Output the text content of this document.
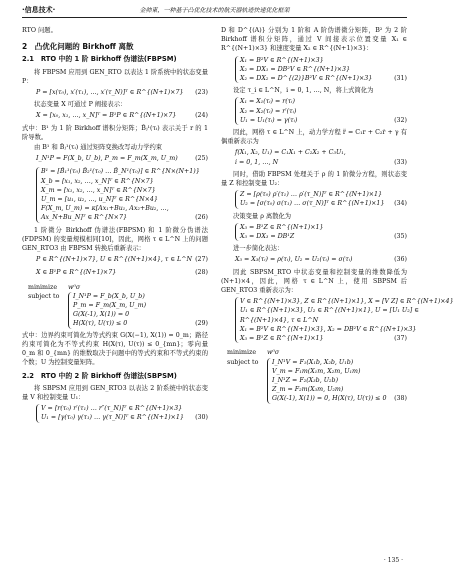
金帅東，一种基于凸优化技术的航天器轨迹快速优化框架
·信息技术·
RTO 问题。
2　凸优化问题的 Birkhoff 离散
2.1　RTO 中的 1 阶 Birkhoff 伪谱法(FBPSM)
将 FBPSM 应用到 GEN_RTO 以表达 1 阶系统中的状态变量 P：
P = [x(τ₀), x′(τ₁), …, x′(τ_N)]ᵀ ∈ R^{(N+1)×7} (23)
状态变量 X 可通过 P 阐接表示：
X = [x₀, x₁, …, x_N]ᵀ = B¹P ∈ R^{(N+1)×7}	(24)
式中：B¹ 为 1 阶 Birkhoff 谱积分矩阵；B̂ⱼ¹(τᵢ) 表示关于 r 的 1 阶导数。
由 B¹ 和 B̂ⱼ¹(τᵢ) 通过矩阵变换改写动力学约束
I_N¹P = F(X_b, U_b), P_m = F_m(X_m, U_m)	(25)
B¹ = [B̂₁¹(τ₀) B̂₂¹(τ₀) … B̂_N¹(τ₀)] ∈ R^{N×(N+1)}
X_b = [x₁, x₂, …, x_N]ᵀ ∈ R^{N×7}
X_m = [x₁, x₂, …, x_N]ᵀ ∈ R^{N×7}
U_m = [u₁, u₂, …, u_N]ᵀ ∈ R^{N×4}
F(X_m, U_m) = κ[Ax₁+Bu₁, Ax₂+Bu₂, …,
Ax_N+Bu_N]ᵀ ∈ R^{N×7}	(26)
1 阶微分 Birkhoff 伪谱法(FBPSM) 和 1 阶微分伪谱法(FDPSM) 的变量规模相同[10]，因此，网格 τ ∈ L^N 上的问题 GEN_RTO3 由 FBPSM 转换后重新表示：
P ∈ R^{(N+1)×7}, U ∈ R^{(N+1)×4}, τ ∈ L^N (27)
X ∈ B¹P ∈ R^{(N+1)×7}	(28)
minimize	w⁰σ
subject to	I_N¹P = F_b(X_b, U_b)
P_m = F_m(X_m, U_m)
G(X(-1), X(1)) = 0
H(X(τ), U(τ)) ≤ 0	(29)
式中：边界约束可简化为等式约束 G(X(−1), X(1)) = 0_m；路径约束可简化为不等式约束 H(X(τ), U(τ)) ≤ 0_{mn}；零向量 0_m 和 0_{mn} 的维数取决于问题中的等式约束和不等式约束的个数；U 为控制变量矩阵。
2.2　RTO 中的 2 阶 Birkhoff 伪谱法(SBPSM)
将 SBPSM 应用到 GEN_RTO3 以表达 2 阶系统中的状态变量 V 和控制变量 U₁：
V = [r(τ₀) r′(τ₁) … r″(τ_N)]ᵀ ∈ R^{(N+1)×3}
U₁ = [γ(τ₀) γ(τ₁) … γ(τ_N)]ᵀ ∈ R^{(N+1)×1} (30)
D 和 D^{(A)} 分别为 1 阶和 A 阶伪谱微分矩阵，B² 为 2 阶 Birkhoff 谱积分矩阵，通过 V 间接表示位置变量 X₁ ∈ R^{(N+1)×3} 和速度变量 X₂ ∈ R^{(N+1)×3}：
X₁ = B²V ∈ R^{(N+1)×3}
X₂ = DX₁ = DB²V ∈ R^{(N+1)×3}
X₂ = DX₂ = D^{(2)}B²V ∈ R^{(N+1)×3}	(31)
设定 τ_i ∈ L^N，i = 0, 1, …, N，将上式简化为
X₁ = X₁(τᵢ) = r(τᵢ)
X₂ = X₂(τᵢ) = r′(τᵢ)
U₁ = U₁(τᵢ) = γ(τᵢ)	(32)
因此，网格 τ ∈ L^N 上，动力学方程 r̈ = C₁r + C₂ṙ + γ 有偶重新表示为
f(X₁, X₂, U₁) = C₁X₁ + C₂X₂ + C₃U₁,
i = 0, 1, …, N	(33)
同时，借助 FBPSM 处理关于 ρ 的 1 阶微分方程，则状态变量 Z 和控制变量 U₂：
Z = [ρ(τ₀) ρ′(τ₁) … ρ′(τ_N)]ᵀ ∈ R^{(N+1)×1}
U₂ = [σ(τ₀) σ(τ₁) … σ(τ_N)]ᵀ ∈ R^{(N+1)×1} (34)
决策变量 ρ 离散化为
X₃ = B¹Z ∈ R^{(N+1)×1}
X₃ = DX₃ = DB¹Z	(35)
进一步简化表达：
X₃ = X₃(τᵢ) = ρ(τᵢ), U₂ = U₂(τᵢ) = σ(τᵢ)	(36)
因此 SBPSM_RTO 中状态变量和控制变量的维数降低为 (N+1)×4，因此，网格 τ ∈ L^N 上，使用 SBPSM 后 GEN_RTO3 重新表示为：
V ∈ R^{(N+1)×3}, Z ∈ R^{(N+1)×1}, X = [V Z] ∈ R^{(N+1)×4}
U₁ ∈ R^{(N+1)×3}, U₂ ∈ R^{(N+1)×1}, U = [U₁ U₂] ∈
R^{(N+1)×4}, τ ∈ L^N
X₁ = B²V ∈ R^{(N+1)×3}, X₂ = DB²V ∈ R^{(N+1)×3}
X₃ = B¹Z ∈ R^{(N+1)×1}	(37)
minimize	w⁰σ
subject to	I_N¹V = F₁(X₁b, X₂b, U₁b)
V_m = F₁m(X₁m, X₂m, U₁m)
I_N¹Z = F₂(X₃b, U₂b)
Z_m = F₂m(X₃m, U₂m)
G(X(-1), X(1)) = 0, H(X(τ), U(τ)) ≤ 0 (38)
· 135 ·
